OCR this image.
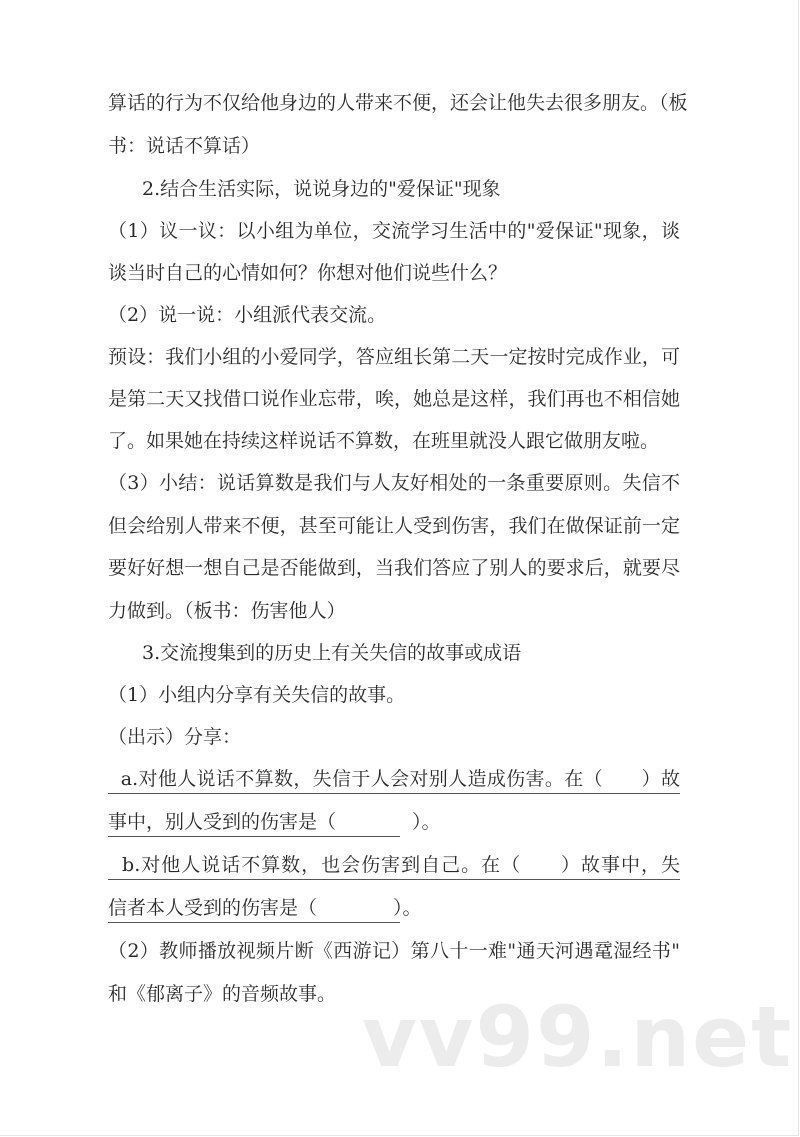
算话的行为不仅给他身边的人带来不便，还会让他失去很多朋友。（板
书：说话不算话）
2.结合生活实际，说说身边的"爱保证"现象
（1）议一议：以小组为单位，交流学习生活中的"爱保证"现象，谈
谈当时自己的心情如何？你想对他们说些什么？
（2）说一说：小组派代表交流。
预设：我们小组的小爱同学，答应组长第二天一定按时完成作业，可
是第二天又找借口说作业忘带，唉，她总是这样，我们再也不相信她
了。如果她在持续这样说话不算数，在班里就没人跟它做朋友啦。
（3）小结：说话算数是我们与人友好相处的一条重要原则。失信不
但会给别人带来不便，甚至可能让人受到伤害，我们在做保证前一定
要好好想一想自己是否能做到，当我们答应了别人的要求后，就要尽
力做到。（板书：伤害他人）
3.交流搜集到的历史上有关失信的故事或成语
（1）小组内分享有关失信的故事。
（出示）分享：
a.对他人说话不算数，失信于人会对别人造成伤害。在（　　）故
事中，别人受到的伤害是（　　　　）。
b.对他人说话不算数，也会伤害到自己。在（　　）故事中，失
信者本人受到的伤害是（　　　　）。
（2）教师播放视频片断《西游记）第八十一难"通天河遇鼋湿经书"
和《郁离子》的音频故事。 vv99.net
